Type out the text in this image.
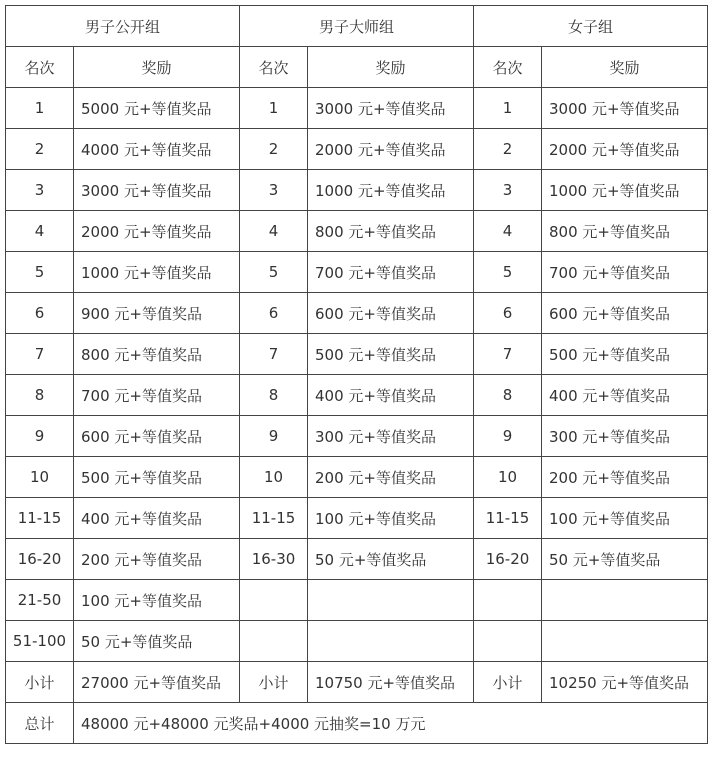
男子公开组		男子大师组		女子组	
名次	奖励	名次	奖励	名次	奖励
1	5000 元+等值奖品	1	3000 元+等值奖品	1	3000 元+等值奖品
2	4000 元+等值奖品	2	2000 元+等值奖品	2	2000 元+等值奖品
3	3000 元+等值奖品	3	1000 元+等值奖品	3	1000 元+等值奖品
4	2000 元+等值奖品	4	800 元+等值奖品	4	800 元+等值奖品
5	1000 元+等值奖品	5	700 元+等值奖品	5	700 元+等值奖品
6	900 元+等值奖品	6	600 元+等值奖品	6	600 元+等值奖品
7	800 元+等值奖品	7	500 元+等值奖品	7	500 元+等值奖品
8	700 元+等值奖品	8	400 元+等值奖品	8	400 元+等值奖品
9	600 元+等值奖品	9	300 元+等值奖品	9	300 元+等值奖品
10	500 元+等值奖品	10	200 元+等值奖品	10	200 元+等值奖品
11-15	400 元+等值奖品	11-15	100 元+等值奖品	11-15	100 元+等值奖品
16-20	200 元+等值奖品	16-30	50 元+等值奖品	16-20	50 元+等值奖品
21-50	100 元+等值奖品				
51-100	50 元+等值奖品				
小计	27000 元+等值奖品	小计	10750 元+等值奖品	小计	10250 元+等值奖品
总计	48000 元+48000 元奖品+4000 元抽奖=10 万元				
